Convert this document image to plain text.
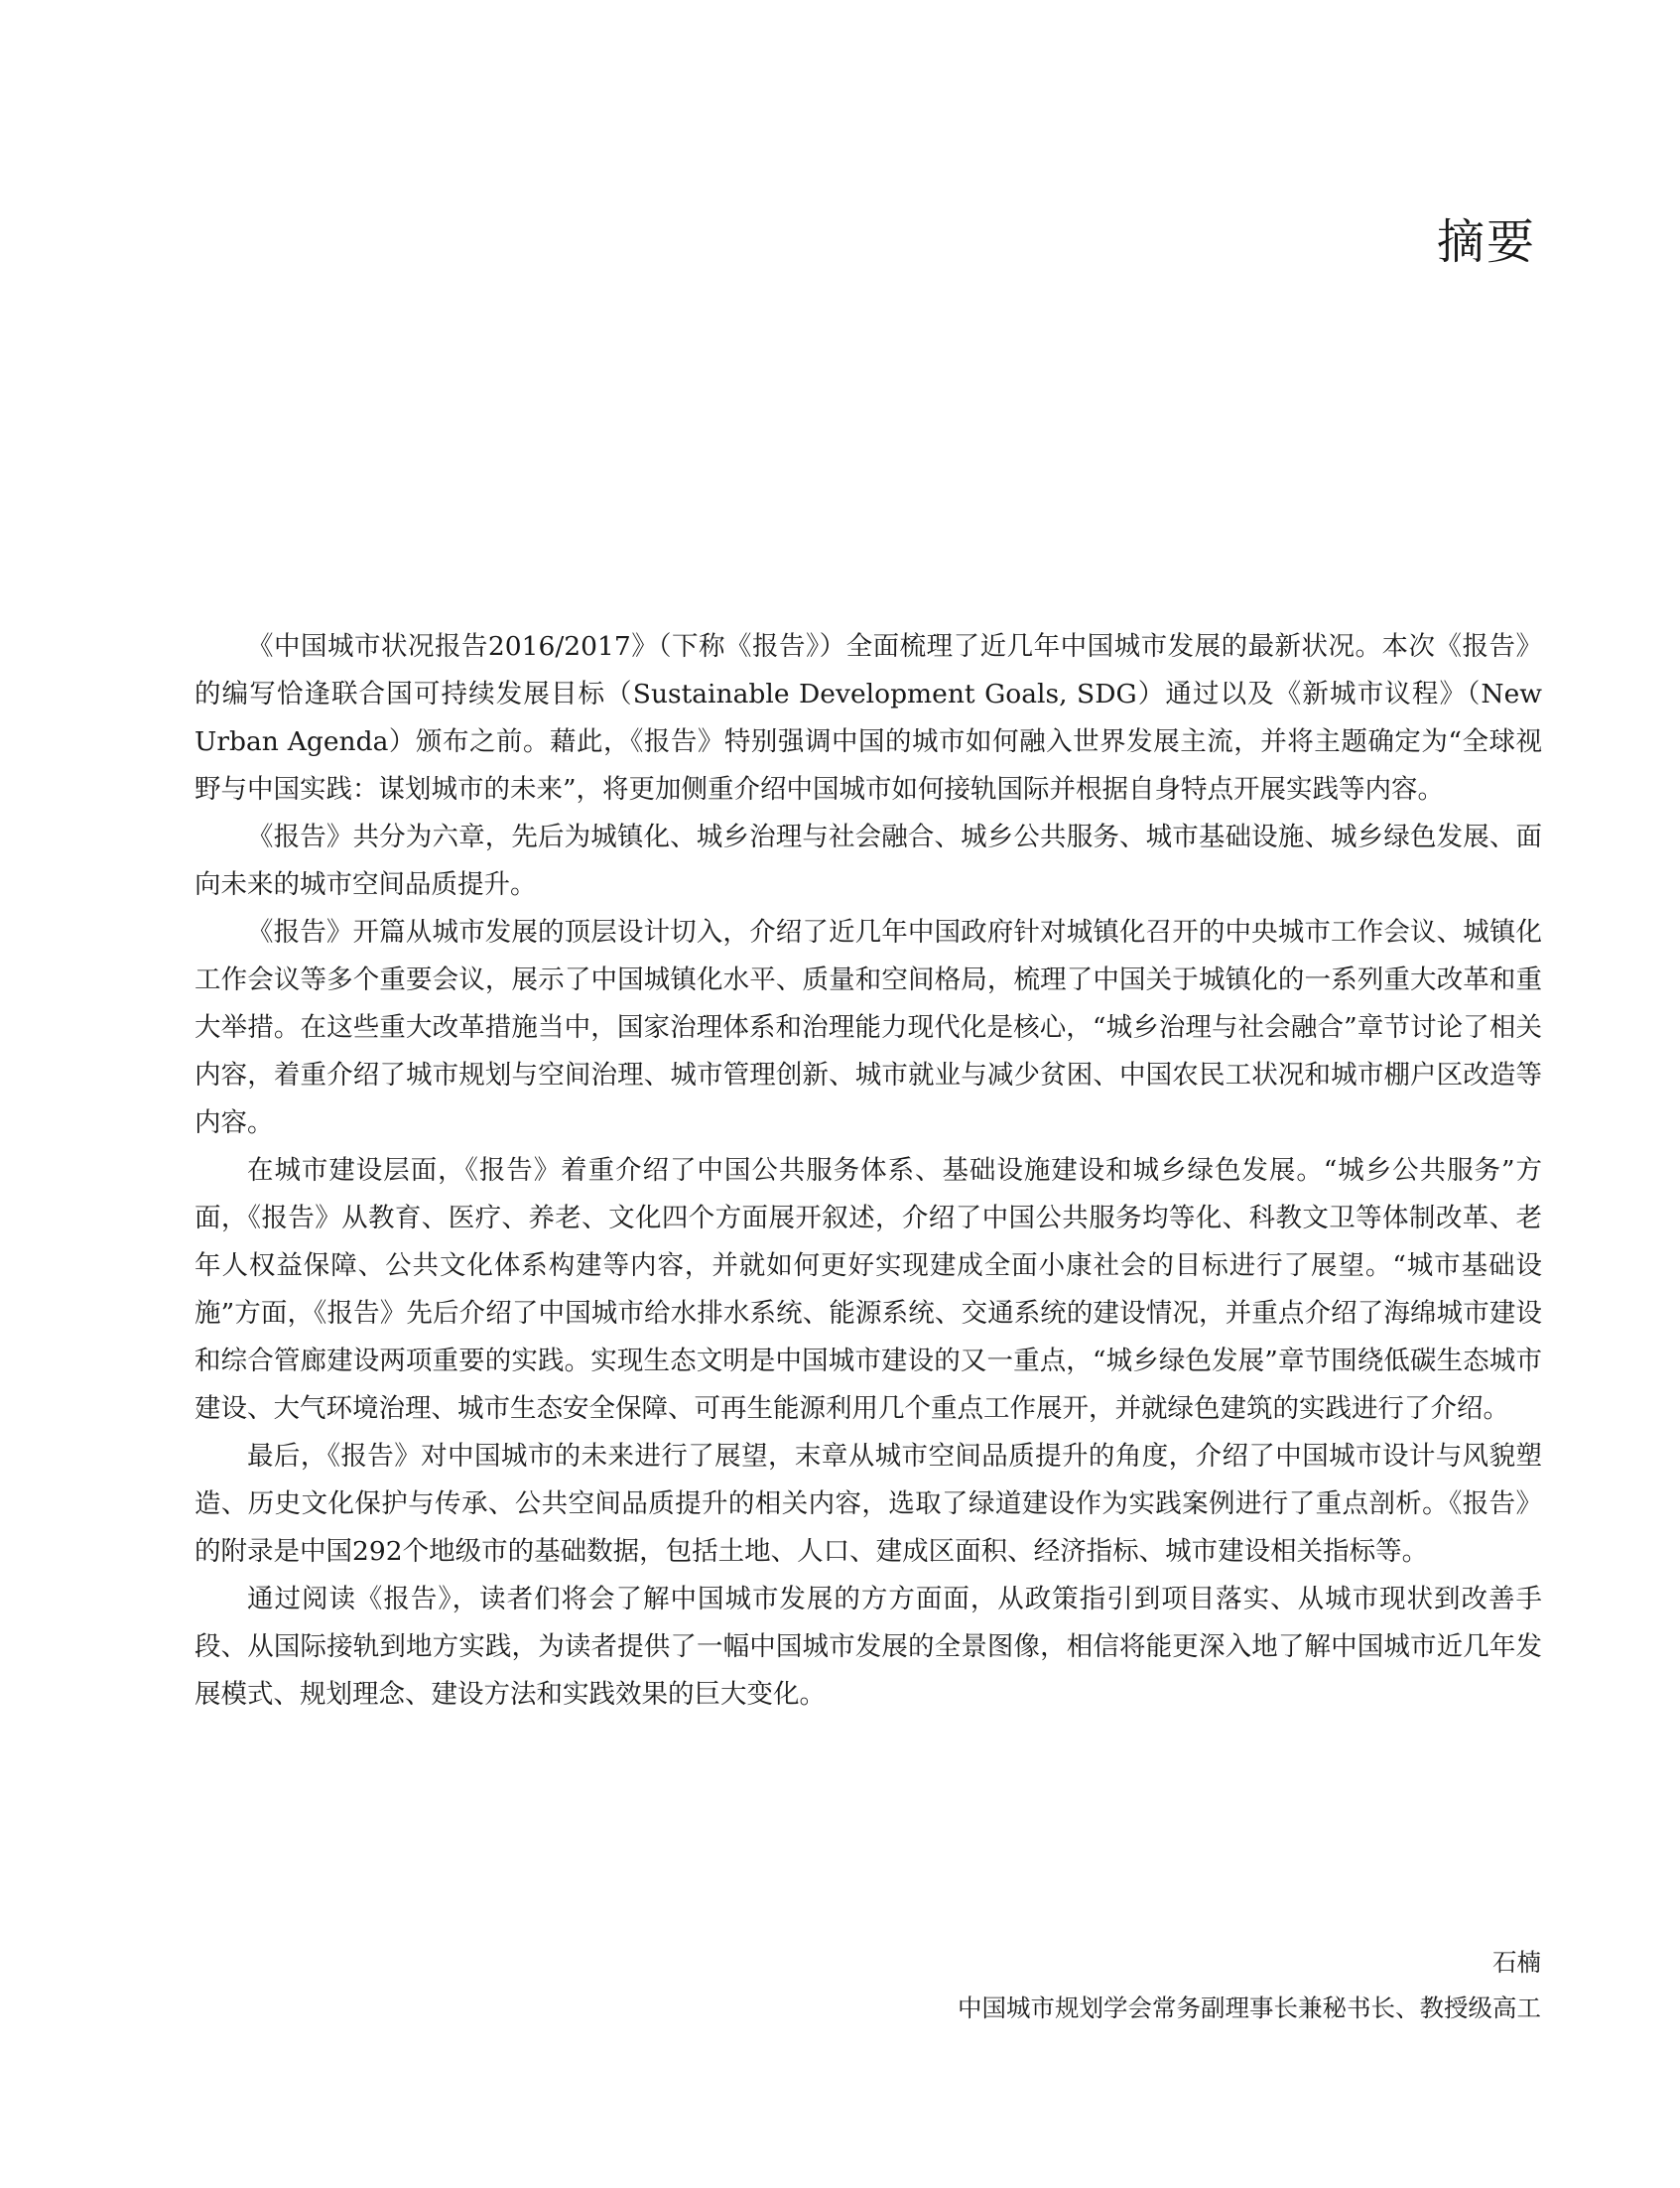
摘要

《中国城市状况报告2016/2017》（下称《报告》）全面梳理了近几年中国城市发展的最新状况。本次《报告》的编写恰逢联合国可持续发展目标（Sustainable Development Goals, SDG）通过以及《新城市议程》（New Urban Agenda）颁布之前。藉此，《报告》特别强调中国的城市如何融入世界发展主流，并将主题确定为“全球视野与中国实践：谋划城市的未来”，将更加侧重介绍中国城市如何接轨国际并根据自身特点开展实践等内容。

《报告》共分为六章，先后为城镇化、城乡治理与社会融合、城乡公共服务、城市基础设施、城乡绿色发展、面向未来的城市空间品质提升。

《报告》开篇从城市发展的顶层设计切入，介绍了近几年中国政府针对城镇化召开的中央城市工作会议、城镇化工作会议等多个重要会议，展示了中国城镇化水平、质量和空间格局，梳理了中国关于城镇化的一系列重大改革和重大举措。在这些重大改革措施当中，国家治理体系和治理能力现代化是核心，“城乡治理与社会融合”章节讨论了相关内容，着重介绍了城市规划与空间治理、城市管理创新、城市就业与减少贫困、中国农民工状况和城市棚户区改造等内容。

在城市建设层面，《报告》着重介绍了中国公共服务体系、基础设施建设和城乡绿色发展。“城乡公共服务”方面，《报告》从教育、医疗、养老、文化四个方面展开叙述，介绍了中国公共服务均等化、科教文卫等体制改革、老年人权益保障、公共文化体系构建等内容，并就如何更好实现建成全面小康社会的目标进行了展望。“城市基础设施”方面，《报告》先后介绍了中国城市给水排水系统、能源系统、交通系统的建设情况，并重点介绍了海绵城市建设和综合管廊建设两项重要的实践。实现生态文明是中国城市建设的又一重点，“城乡绿色发展”章节围绕低碳生态城市建设、大气环境治理、城市生态安全保障、可再生能源利用几个重点工作展开，并就绿色建筑的实践进行了介绍。

最后，《报告》对中国城市的未来进行了展望，末章从城市空间品质提升的角度，介绍了中国城市设计与风貌塑造、历史文化保护与传承、公共空间品质提升的相关内容，选取了绿道建设作为实践案例进行了重点剖析。《报告》的附录是中国292个地级市的基础数据，包括土地、人口、建成区面积、经济指标、城市建设相关指标等。

通过阅读《报告》，读者们将会了解中国城市发展的方方面面，从政策指引到项目落实、从城市现状到改善手段、从国际接轨到地方实践，为读者提供了一幅中国城市发展的全景图像，相信将能更深入地了解中国城市近几年发展模式、规划理念、建设方法和实践效果的巨大变化。

石楠
中国城市规划学会常务副理事长兼秘书长、教授级高工
